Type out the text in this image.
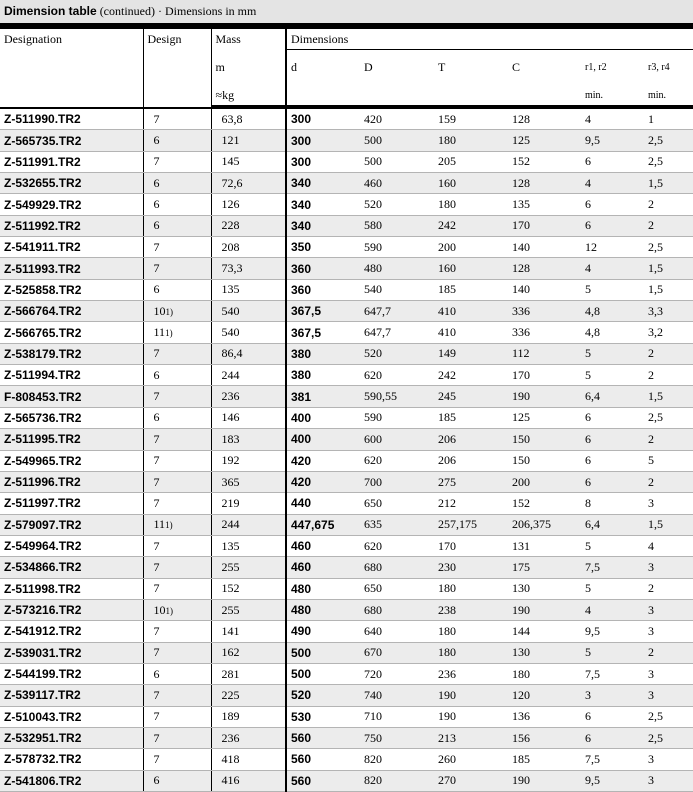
Dimension table (continued) · Dimensions in mm
Designation	Design	Mass	Dimensions					
		m	d	D	T	C	r1, r2	r3, r4
		≈kg					min.	min.

Z-511990.TR2	7	63,8	300	420	159	128	4	1
Z-565735.TR2	6	121	300	500	180	125	9,5	2,5
Z-511991.TR2	7	145	300	500	205	152	6	2,5
Z-532655.TR2	6	72,6	340	460	160	128	4	1,5
Z-549929.TR2	6	126	340	520	180	135	6	2
Z-511992.TR2	6	228	340	580	242	170	6	2
Z-541911.TR2	7	208	350	590	200	140	12	2,5
Z-511993.TR2	7	73,3	360	480	160	128	4	1,5
Z-525858.TR2	6	135	360	540	185	140	5	1,5
Z-566764.TR2	101)	540	367,5	647,7	410	336	4,8	3,3
Z-566765.TR2	111)	540	367,5	647,7	410	336	4,8	3,2
Z-538179.TR2	7	86,4	380	520	149	112	5	2
Z-511994.TR2	6	244	380	620	242	170	5	2
F-808453.TR2	7	236	381	590,55	245	190	6,4	1,5
Z-565736.TR2	6	146	400	590	185	125	6	2,5
Z-511995.TR2	7	183	400	600	206	150	6	2
Z-549965.TR2	7	192	420	620	206	150	6	5
Z-511996.TR2	7	365	420	700	275	200	6	2
Z-511997.TR2	7	219	440	650	212	152	8	3
Z-579097.TR2	111)	244	447,675	635	257,175	206,375	6,4	1,5
Z-549964.TR2	7	135	460	620	170	131	5	4
Z-534866.TR2	7	255	460	680	230	175	7,5	3
Z-511998.TR2	7	152	480	650	180	130	5	2
Z-573216.TR2	101)	255	480	680	238	190	4	3
Z-541912.TR2	7	141	490	640	180	144	9,5	3
Z-539031.TR2	7	162	500	670	180	130	5	2
Z-544199.TR2	6	281	500	720	236	180	7,5	3
Z-539117.TR2	7	225	520	740	190	120	3	3
Z-510043.TR2	7	189	530	710	190	136	6	2,5
Z-532951.TR2	7	236	560	750	213	156	6	2,5
Z-578732.TR2	7	418	560	820	260	185	7,5	3
Z-541806.TR2	6	416	560	820	270	190	9,5	3
